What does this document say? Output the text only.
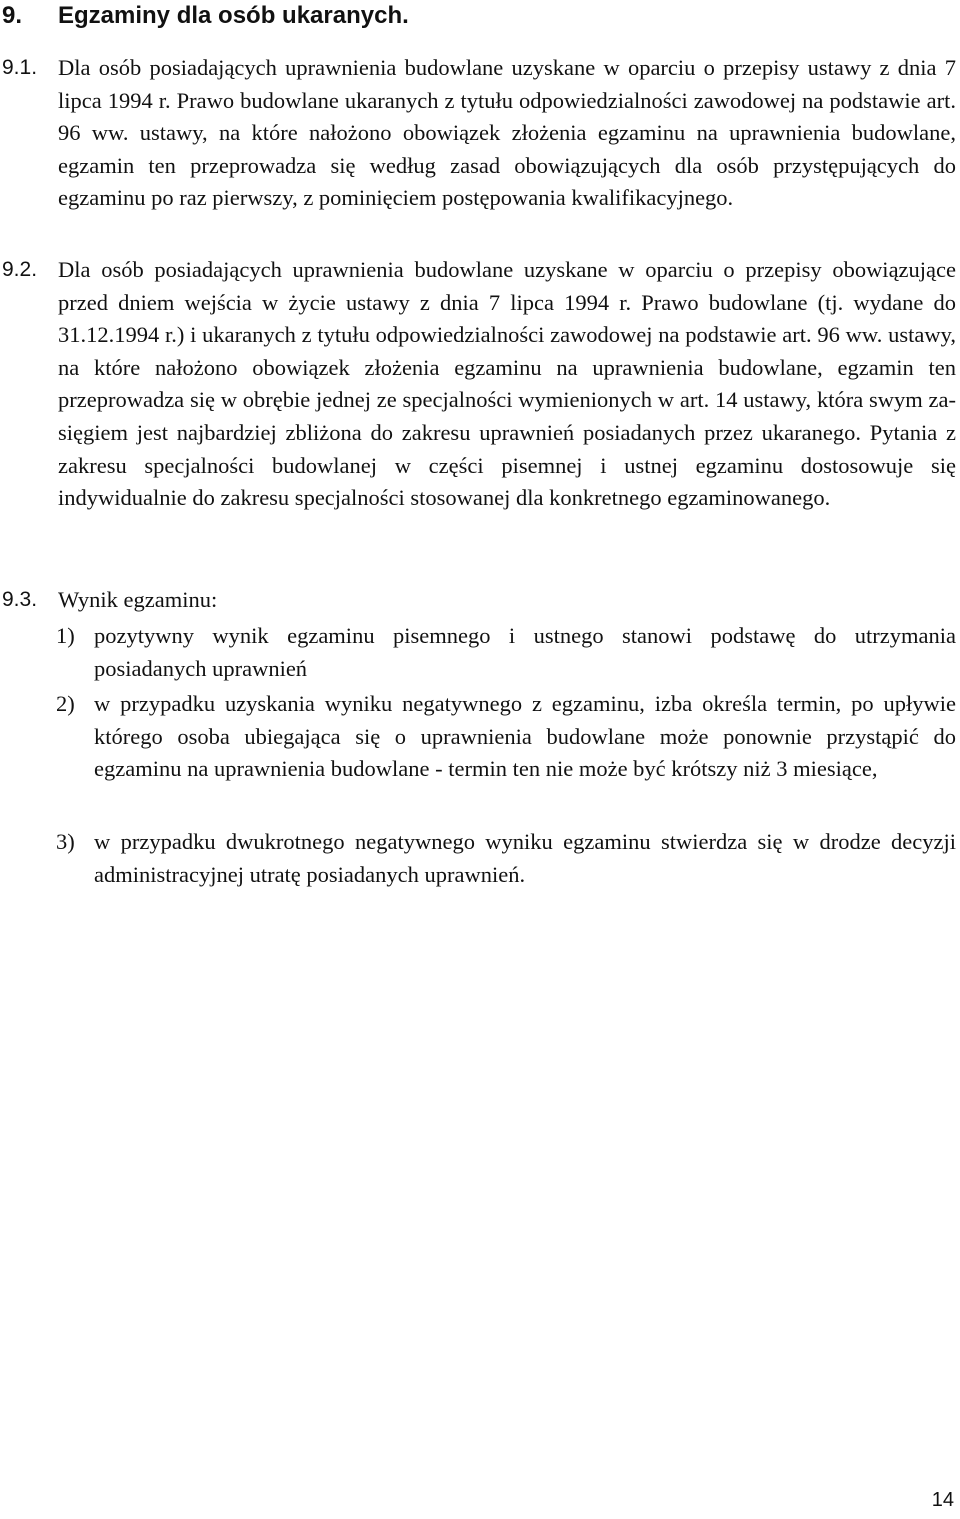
9. Egzaminy dla osób ukaranych.
9.1. Dla osób posiadających uprawnienia budowlane uzyskane w oparciu o przepisy ustawy z dnia 7 lipca 1994 r. Prawo budowlane ukaranych z tytułu odpowiedzialności zawodowej na podstawie art. 96 ww. ustawy, na które nałożono obowiązek złożenia egzaminu na uprawnienia budowlane, egzamin ten przeprowadza się według zasad obowiązujących dla osób przystępujących do egzaminu po raz pierwszy, z pominięciem postępowania kwalifikacyjnego.
9.2. Dla osób posiadających uprawnienia budowlane uzyskane w oparciu o przepisy obowiązujące przed dniem wejścia w życie ustawy z dnia 7 lipca 1994 r. Prawo budowlane (tj. wydane do 31.12.1994 r.) i ukaranych z tytułu odpowiedzialności zawodowej na podstawie art. 96 ww. ustawy, na które nałożono obowiązek złożenia egzaminu na uprawnienia budowlane, egzamin ten przeprowadza się w obrębie jednej ze specjalności wymienionych w art. 14 ustawy, która swym zasięgiem jest najbardziej zbliżona do zakresu uprawnień posiadanych przez ukaranego. Pytania z zakresu specjalności budowlanej w części pisemnej i ustnej egzaminu dostosowuje się indywidualnie do zakresu specjalności stosowanej dla konkretnego egzaminowanego.
9.3. Wynik egzaminu:
1) pozytywny wynik egzaminu pisemnego i ustnego stanowi podstawę do utrzymania posiadanych uprawnień
2) w przypadku uzyskania wyniku negatywnego z egzaminu, izba określa termin, po upływie którego osoba ubiegająca się o uprawnienia budowlane może ponownie przystąpić do egzaminu na uprawnienia budowlane - termin ten nie może być krótszy niż 3 miesiące,
3) w przypadku dwukrotnego negatywnego wyniku egzaminu stwierdza się w drodze decyzji administracyjnej utratę posiadanych uprawnień.
14
